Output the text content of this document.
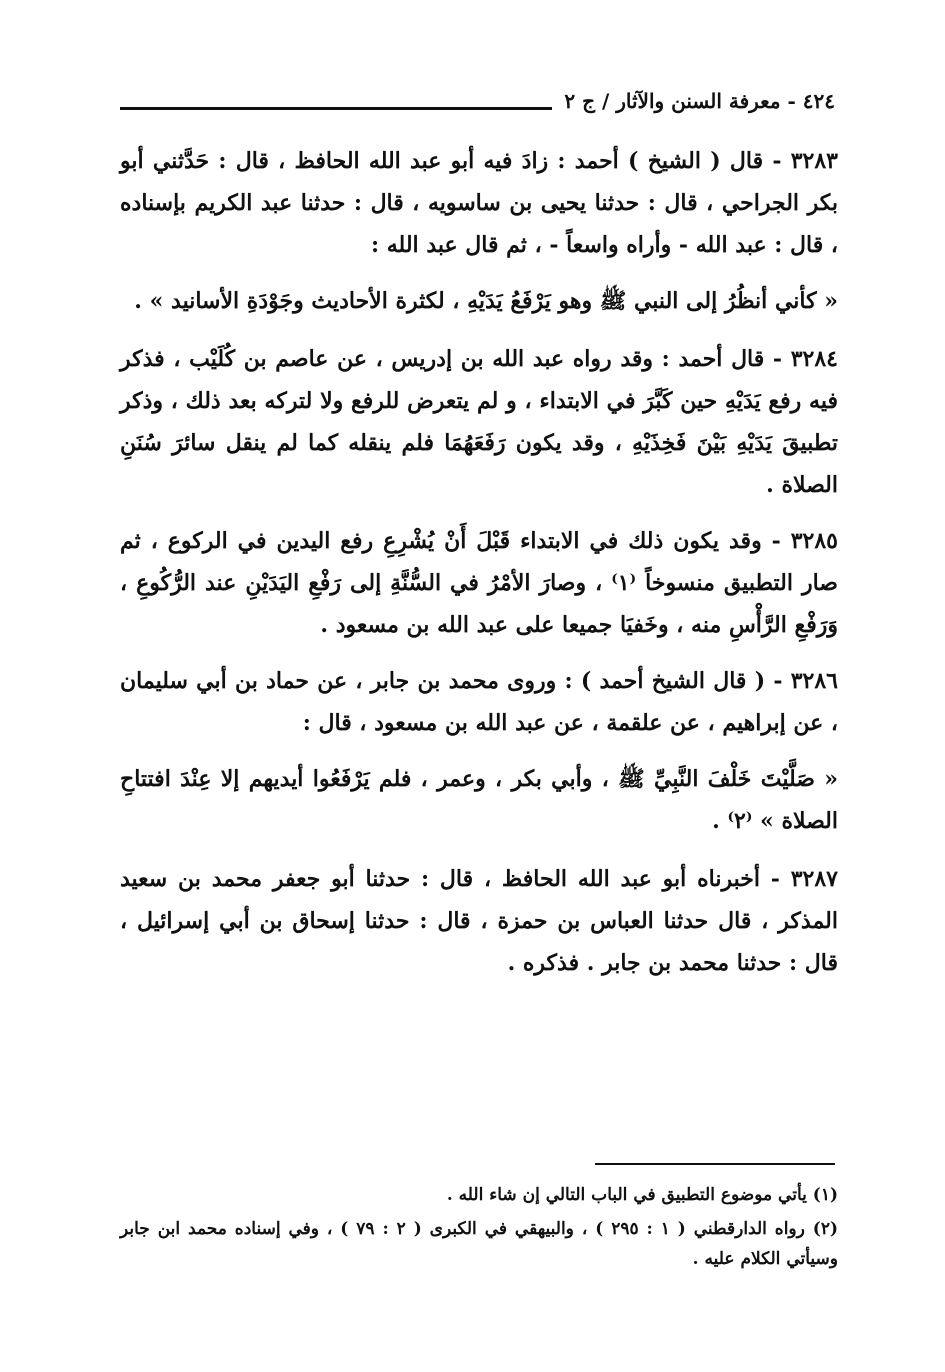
٤٢٤ - معرفة السنن والآثار / ج ٢

٣٢٨٣ - قال ( الشيخ ) أحمد : زادَ فيه أبو عبد الله الحافظ ، قال : حَدَّثني أبو بكر الجراحي ، قال : حدثنا يحيى بن ساسويه ، قال : حدثنا عبد الكريم بإسناده ، قال : عبد الله - وأراه واسعاً - ، ثم قال عبد الله :

« كأني أنظُرُ إلى النبي ﷺ وهو يَرْفَعُ يَدَيْهِ ، لكثرة الأحاديث وجَوْدَةِ الأسانيد » .

٣٢٨٤ - قال أحمد : وقد رواه عبد الله بن إدريس ، عن عاصم بن كُلَيْب ، فذكر فيه رفع يَدَيْهِ حين كَبَّرَ في الابتداء ، و لم يتعرض للرفع ولا لتركه بعد ذلك ، وذكر تطبيقَ يَدَيْهِ بَيْنَ فَخِذَيْهِ ، وقد يكون رَفَعَهُمَا فلم ينقله كما لم ينقل سائرَ سُنَنِ الصلاة .

٣٢٨٥ - وقد يكون ذلك في الابتداء قَبْلَ أَنْ يُشْرِعِ رفع اليدين في الركوع ، ثم صار التطبيق منسوخاً ⁽١⁾ ، وصارَ الأمْرُ في السُّنَّةِ إلى رَفْعِ اليَدَيْنِ عند الرُّكُوعِ ، وَرَفْعِ الرَّأْسِ منه ، وخَفيَا جميعا على عبد الله بن مسعود .

٣٢٨٦ - ( قال الشيخ أحمد ) : وروى محمد بن جابر ، عن حماد بن أبي سليمان ، عن إبراهيم ، عن علقمة ، عن عبد الله بن مسعود ، قال :

« صَلَّيْتَ خَلْفَ النَّبِيِّ ﷺ ، وأبي بكر ، وعمر ، فلم يَرْفَعُوا أيديهم إلا عِنْدَ افتتاحِ الصلاة » ⁽٢⁾ .

٣٢٨٧ - أخبرناه أبو عبد الله الحافظ ، قال : حدثنا أبو جعفر محمد بن سعيد المذكر ، قال حدثنا العباس بن حمزة ، قال : حدثنا إسحاق بن أبي إسرائيل ، قال : حدثنا محمد بن جابر . فذكره .

(١) يأتي موضوع التطبيق في الباب التالي إن شاء الله .

(٢) رواه الدارقطني ( ١ : ٢٩٥ ) ، والبيهقي في الكبرى ( ٢ : ٧٩ ) ، وفي إسناده محمد ابن جابر وسيأتي الكلام عليه .
